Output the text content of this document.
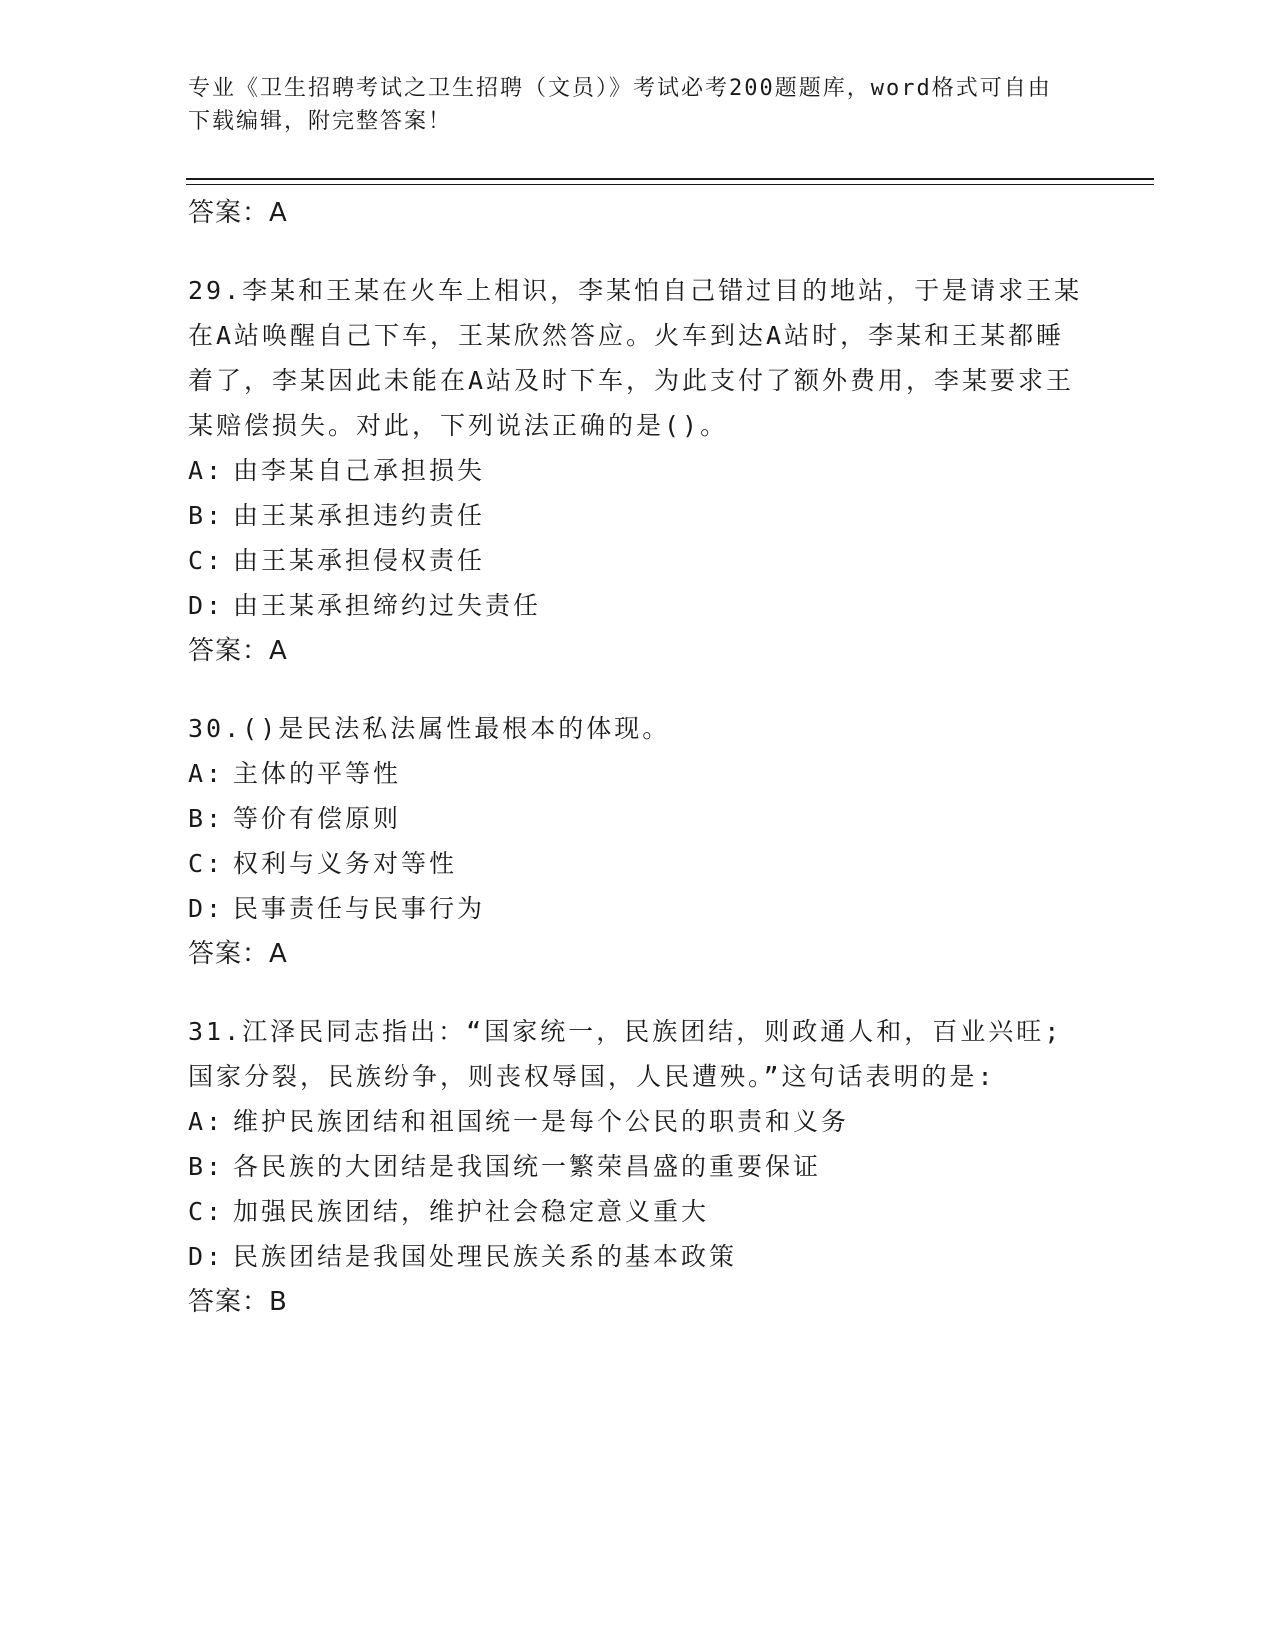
专业《卫生招聘考试之卫生招聘（文员）》考试必考200题题库，word格式可自由下载编辑，附完整答案！
答案：A
29.李某和王某在火车上相识，李某怕自己错过目的地站，于是请求王某在A站唤醒自己下车，王某欣然答应。火车到达A站时，李某和王某都睡着了，李某因此未能在A站及时下车，为此支付了额外费用，李某要求王某赔偿损失。对此，下列说法正确的是()。
A: 由李某自己承担损失
B: 由王某承担违约责任
C: 由王某承担侵权责任
D: 由王某承担缔约过失责任
答案：A
30.()是民法私法属性最根本的体现。
A: 主体的平等性
B: 等价有偿原则
C: 权利与义务对等性
D: 民事责任与民事行为
答案：A
31.江泽民同志指出：“国家统一，民族团结，则政通人和，百业兴旺;国家分裂，民族纷争，则丧权辱国，人民遭殃。”这句话表明的是:
A: 维护民族团结和祖国统一是每个公民的职责和义务
B: 各民族的大团结是我国统一繁荣昌盛的重要保证
C: 加强民族团结，维护社会稳定意义重大
D: 民族团结是我国处理民族关系的基本政策
答案：B
